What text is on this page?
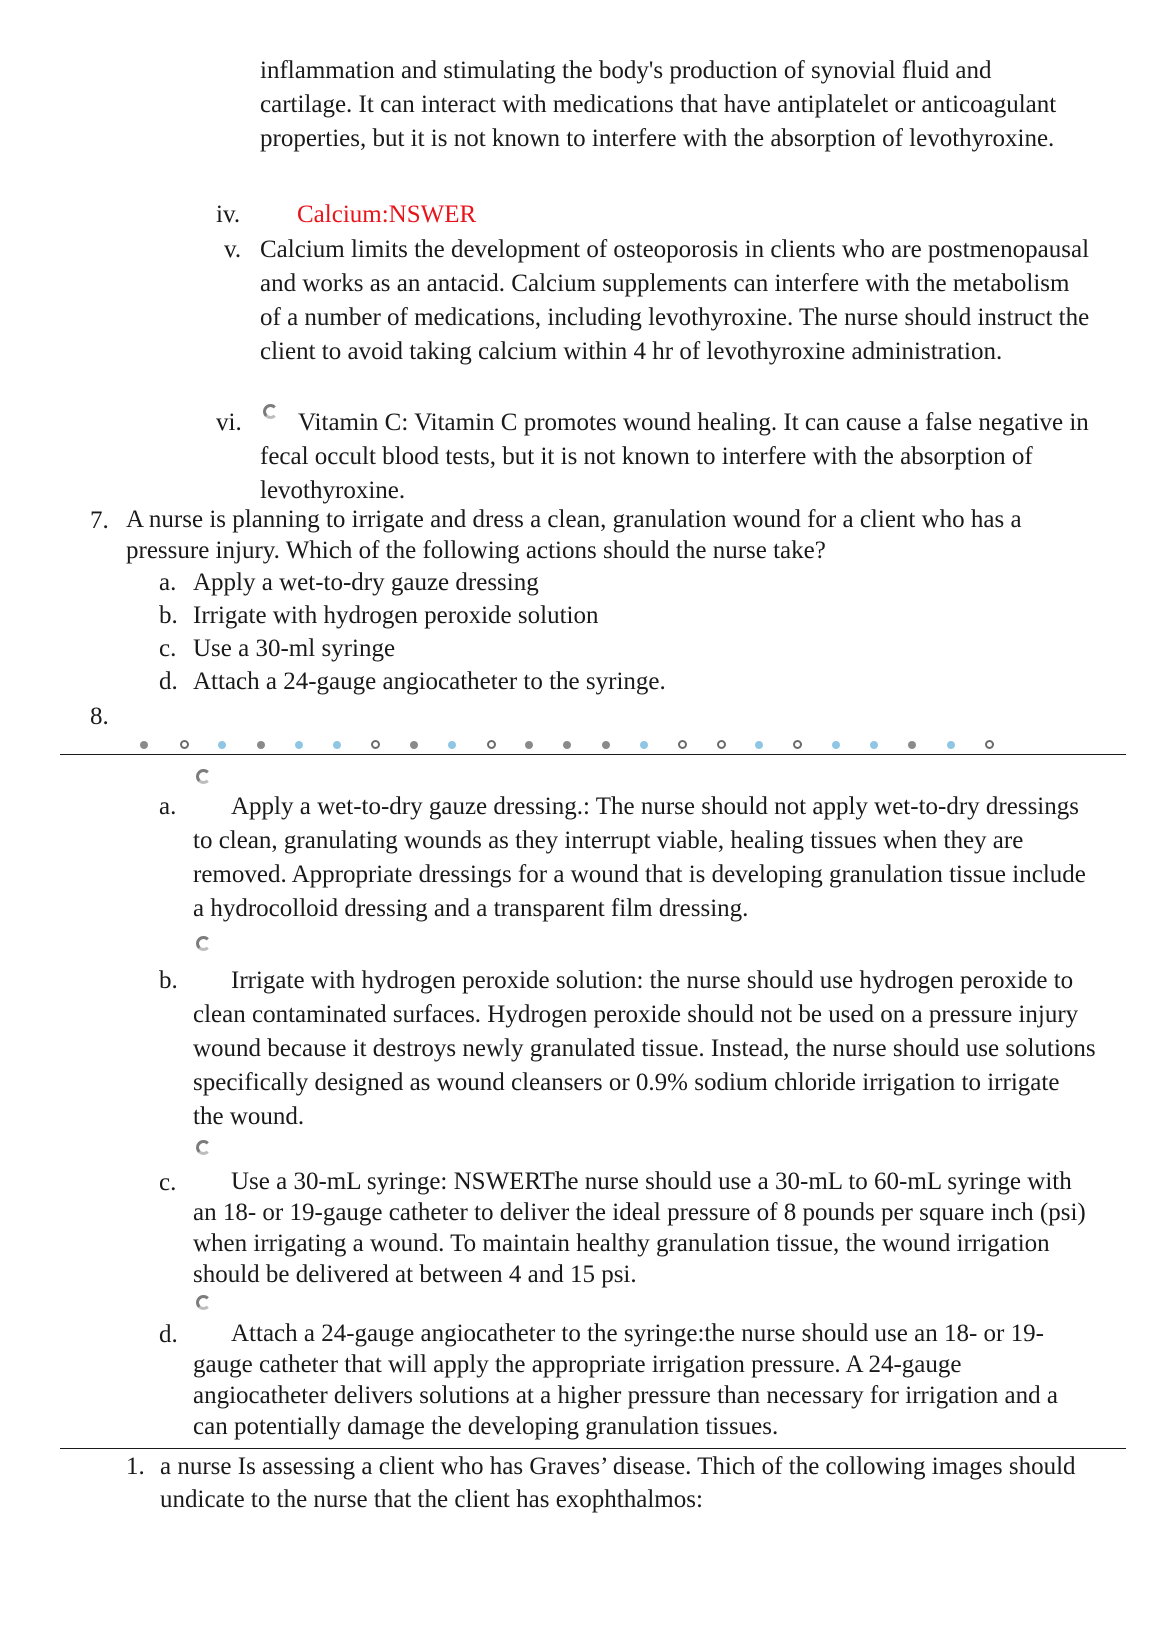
inflammation and stimulating the body's production of synovial fluid and cartilage. It can interact with medications that have antiplatelet or anticoagulant properties, but it is not known to interfere with the absorption of levothyroxine.
iv. Calcium:NSWER
v. Calcium limits the development of osteoporosis in clients who are postmenopausal and works as an antacid. Calcium supplements can interfere with the metabolism of a number of medications, including levothyroxine. The nurse should instruct the client to avoid taking calcium within 4 hr of levothyroxine administration.
vi.	Vitamin C: Vitamin C promotes wound healing. It can cause a false negative in fecal occult blood tests, but it is not known to interfere with the absorption of levothyroxine.
7. A nurse is planning to irrigate and dress a clean, granulation wound for a client who has a pressure injury. Which of the following actions should the nurse take?
a. Apply a wet-to-dry gauze dressing
b. Irrigate with hydrogen peroxide solution
c. Use a 30-ml syringe
d. Attach a 24-gauge angiocatheter to the syringe.
8.
a.	Apply a wet-to-dry gauze dressing.: The nurse should not apply wet-to-dry dressings to clean, granulating wounds as they interrupt viable, healing tissues when they are removed. Appropriate dressings for a wound that is developing granulation tissue include a hydrocolloid dressing and a transparent film dressing.
b.	Irrigate with hydrogen peroxide solution: the nurse should use hydrogen peroxide to clean contaminated surfaces. Hydrogen peroxide should not be used on a pressure injury wound because it destroys newly granulated tissue. Instead, the nurse should use solutions specifically designed as wound cleansers or 0.9% sodium chloride irrigation to irrigate the wound.
c.	Use a 30-mL syringe: NSWERThe nurse should use a 30-mL to 60-mL syringe with an 18- or 19-gauge catheter to deliver the ideal pressure of 8 pounds per square inch (psi) when irrigating a wound. To maintain healthy granulation tissue, the wound irrigation should be delivered at between 4 and 15 psi.
d.	Attach a 24-gauge angiocatheter to the syringe:the nurse should use an 18- or 19-gauge catheter that will apply the appropriate irrigation pressure. A 24-gauge angiocatheter delivers solutions at a higher pressure than necessary for irrigation and a can potentially damage the developing granulation tissues.
1. a nurse Is assessing a client who has Graves’ disease. Thich of the collowing images should undicate to the nurse that the client has exophthalmos:
